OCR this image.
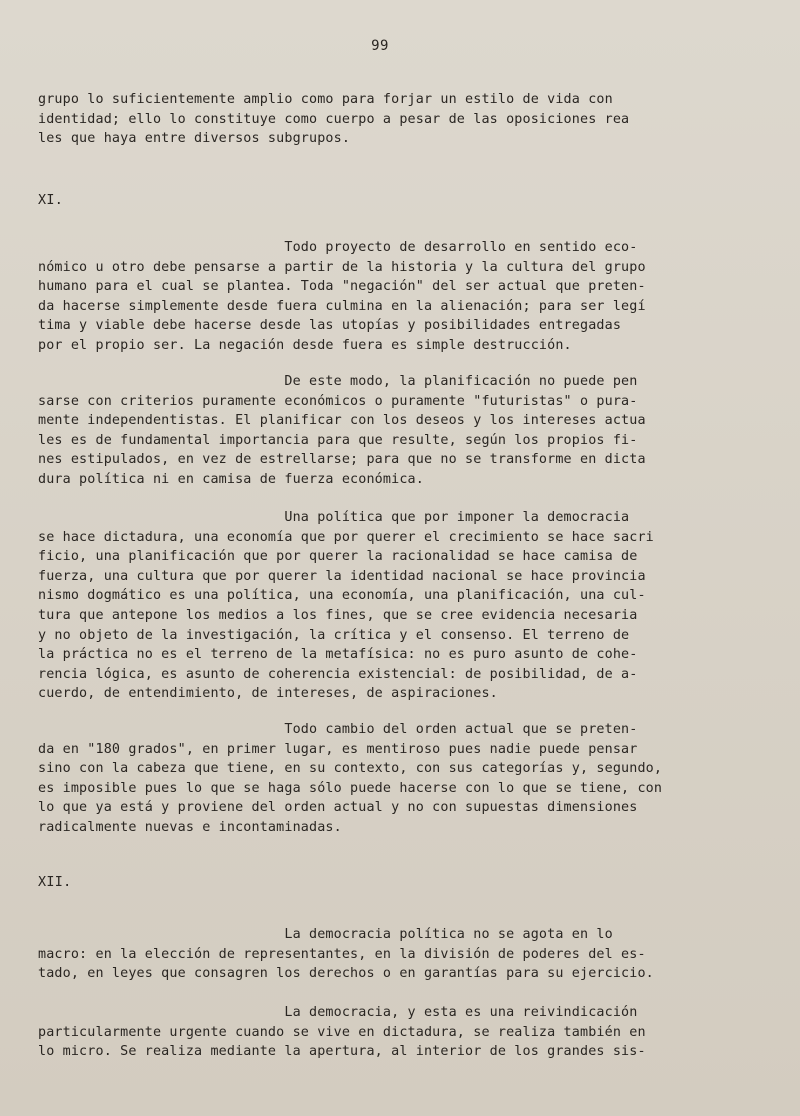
99
grupo lo suficientemente amplio como para forjar un estilo de vida con
identidad; ello lo constituye como cuerpo a pesar de las oposiciones rea
les que haya entre diversos subgrupos.
XI.
Todo proyecto de desarrollo en sentido eco-
nómico u otro debe pensarse a partir de la historia y la cultura del grupo
humano para el cual se plantea. Toda "negación" del ser actual que preten-
da hacerse simplemente desde fuera culmina en la alienación; para ser legí
tima y viable debe hacerse desde las utopías y posibilidades entregadas
por el propio ser. La negación desde fuera es simple destrucción.
De este modo, la planificación no puede pen
sarse con criterios puramente económicos o puramente "futuristas" o pura-
mente independentistas. El planificar con los deseos y los intereses actua
les es de fundamental importancia para que resulte, según los propios fi-
nes estipulados, en vez de estrellarse; para que no se transforme en dicta
dura política ni en camisa de fuerza económica.
Una política que por imponer la democracia
se hace dictadura, una economía que por querer el crecimiento se hace sacri
ficio, una planificación que por querer la racionalidad se hace camisa de
fuerza, una cultura que por querer la identidad nacional se hace provincia
nismo dogmático es una política, una economía, una planificación, una cul-
tura que antepone los medios a los fines, que se cree evidencia necesaria
y no objeto de la investigación, la crítica y el consenso. El terreno de
la práctica no es el terreno de la metafísica: no es puro asunto de cohe-
rencia lógica, es asunto de coherencia existencial: de posibilidad, de a-
cuerdo, de entendimiento, de intereses, de aspiraciones.
Todo cambio del orden actual que se preten-
da en "180 grados", en primer lugar, es mentiroso pues nadie puede pensar
sino con la cabeza que tiene, en su contexto, con sus categorías y, segundo,
es imposible pues lo que se haga sólo puede hacerse con lo que se tiene, con
lo que ya está y proviene del orden actual y no con supuestas dimensiones
radicalmente nuevas e incontaminadas.
XII.
La democracia política no se agota en lo
macro: en la elección de representantes, en la división de poderes del es-
tado, en leyes que consagren los derechos o en garantías para su ejercicio.
La democracia, y esta es una reivindicación
particularmente urgente cuando se vive en dictadura, se realiza también en
lo micro. Se realiza mediante la apertura, al interior de los grandes sis-
